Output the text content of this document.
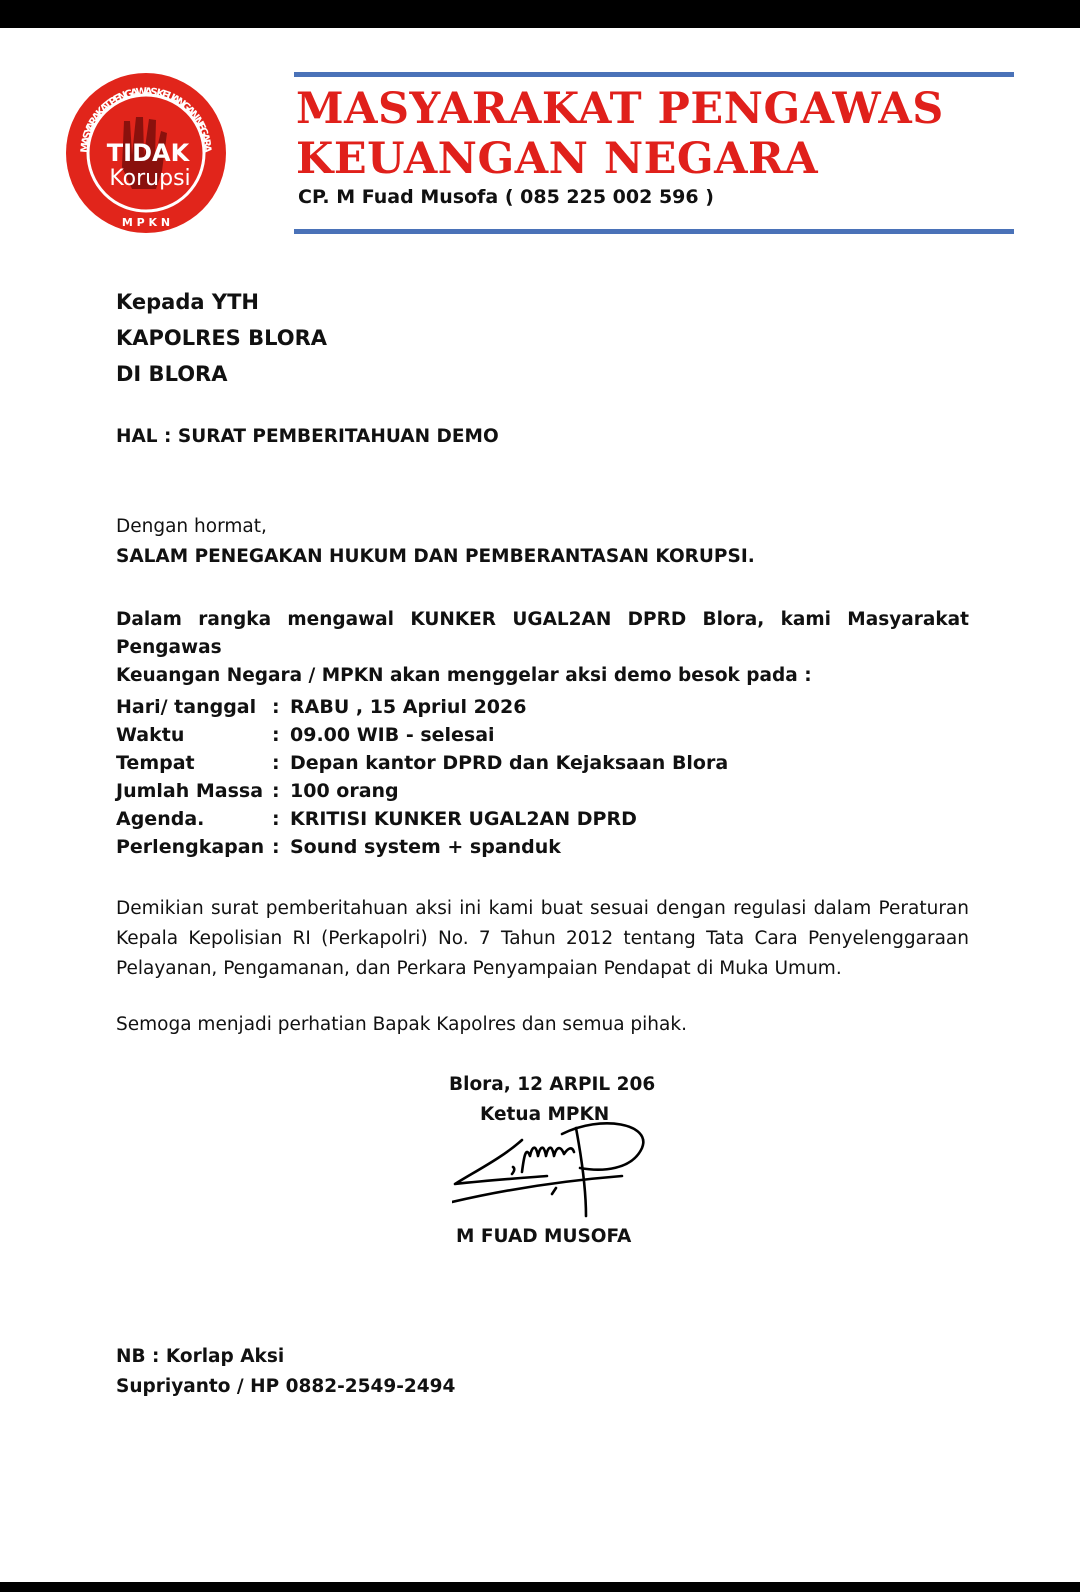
MASYARAKAT PENGAWAS KEUANGAN NEGARA
M P K N
TIDAK
Korupsi
MASYARAKAT PENGAWAS
KEUANGAN NEGARA
CP. M Fuad Musofa ( 085 225 002 596 )
Kepada YTH
KAPOLRES BLORA
DI BLORA
HAL : SURAT PEMBERITAHUAN DEMO
Dengan hormat,
SALAM PENEGAKAN HUKUM DAN PEMBERANTASAN KORUPSI.
Dalam rangka mengawal KUNKER UGAL2AN DPRD Blora, kami Masyarakat Pengawas
Keuangan Negara / MPKN akan menggelar aksi demo besok pada :
Hari/ tanggal : RABU , 15 Apriul 2026
Waktu	: 09.00 WIB - selesai
Tempat	: Depan kantor DPRD dan Kejaksaan Blora
Jumlah Massa : 100 orang
Agenda.	: KRITISI KUNKER UGAL2AN DPRD
Perlengkapan : Sound system + spanduk
Demikian surat pemberitahuan aksi ini kami buat sesuai dengan regulasi dalam Peraturan
Kepala Kepolisian RI (Perkapolri) No. 7 Tahun 2012 tentang Tata Cara Penyelenggaraan
Pelayanan, Pengamanan, dan Perkara Penyampaian Pendapat di Muka Umum.
Semoga menjadi perhatian Bapak Kapolres dan semua pihak.
Blora, 12 ARPIL 206
Ketua MPKN
M FUAD MUSOFA
NB : Korlap Aksi
Supriyanto / HP 0882-2549-2494
